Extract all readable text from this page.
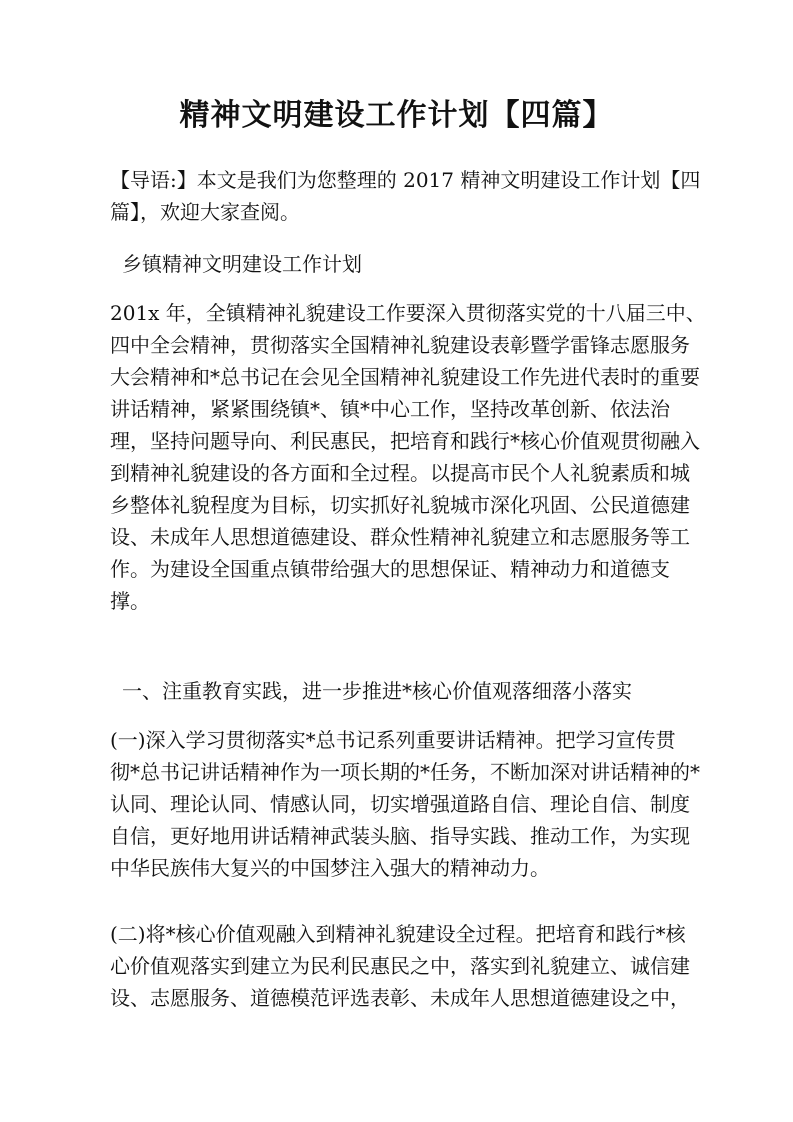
精神文明建设工作计划【四篇】

【导语:】本文是我们为您整理的 2017 精神文明建设工作计划【四
篇】，欢迎大家查阅。

乡镇精神文明建设工作计划

201x 年，全镇精神礼貌建设工作要深入贯彻落实党的十八届三中、
四中全会精神，贯彻落实全国精神礼貌建设表彰暨学雷锋志愿服务
大会精神和*总书记在会见全国精神礼貌建设工作先进代表时的重要
讲话精神，紧紧围绕镇*、镇*中心工作，坚持改革创新、依法治
理，坚持问题导向、利民惠民，把培育和践行*核心价值观贯彻融入
到精神礼貌建设的各方面和全过程。以提高市民个人礼貌素质和城
乡整体礼貌程度为目标，切实抓好礼貌城市深化巩固、公民道德建
设、未成年人思想道德建设、群众性精神礼貌建立和志愿服务等工
作。为建设全国重点镇带给强大的思想保证、精神动力和道德支
撑。

一、注重教育实践，进一步推进*核心价值观落细落小落实

(一)深入学习贯彻落实*总书记系列重要讲话精神。把学习宣传贯
彻*总书记讲话精神作为一项长期的*任务，不断加深对讲话精神的*
认同、理论认同、情感认同，切实增强道路自信、理论自信、制度
自信，更好地用讲话精神武装头脑、指导实践、推动工作，为实现
中华民族伟大复兴的中国梦注入强大的精神动力。

(二)将*核心价值观融入到精神礼貌建设全过程。把培育和践行*核
心价值观落实到建立为民利民惠民之中，落实到礼貌建立、诚信建
设、志愿服务、道德模范评选表彰、未成年人思想道德建设之中，
